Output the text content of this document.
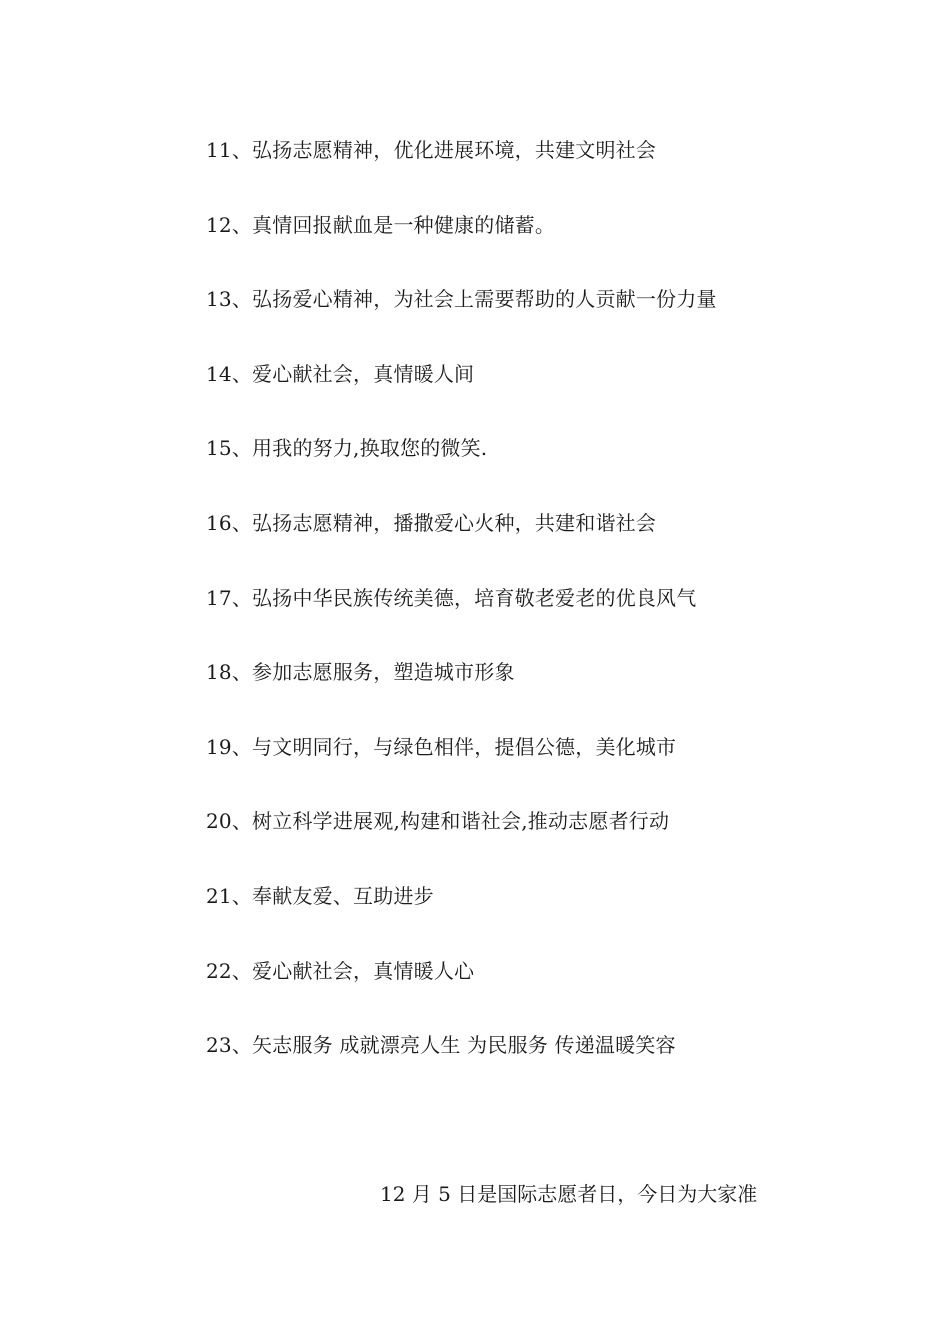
11、弘扬志愿精神，优化进展环境，共建文明社会
12、真情回报献血是一种健康的储蓄。
13、弘扬爱心精神，为社会上需要帮助的人贡献一份力量
14、爱心献社会，真情暖人间
15、用我的努力,换取您的微笑.
16、弘扬志愿精神，播撒爱心火种，共建和谐社会
17、弘扬中华民族传统美德，培育敬老爱老的优良风气
18、参加志愿服务，塑造城市形象
19、与文明同行，与绿色相伴，提倡公德，美化城市
20、树立科学进展观,构建和谐社会,推动志愿者行动
21、奉献友爱、互助进步
22、爱心献社会，真情暖人心
23、矢志服务 成就漂亮人生 为民服务 传递温暖笑容
12 月 5 日是国际志愿者日，今日为大家准
